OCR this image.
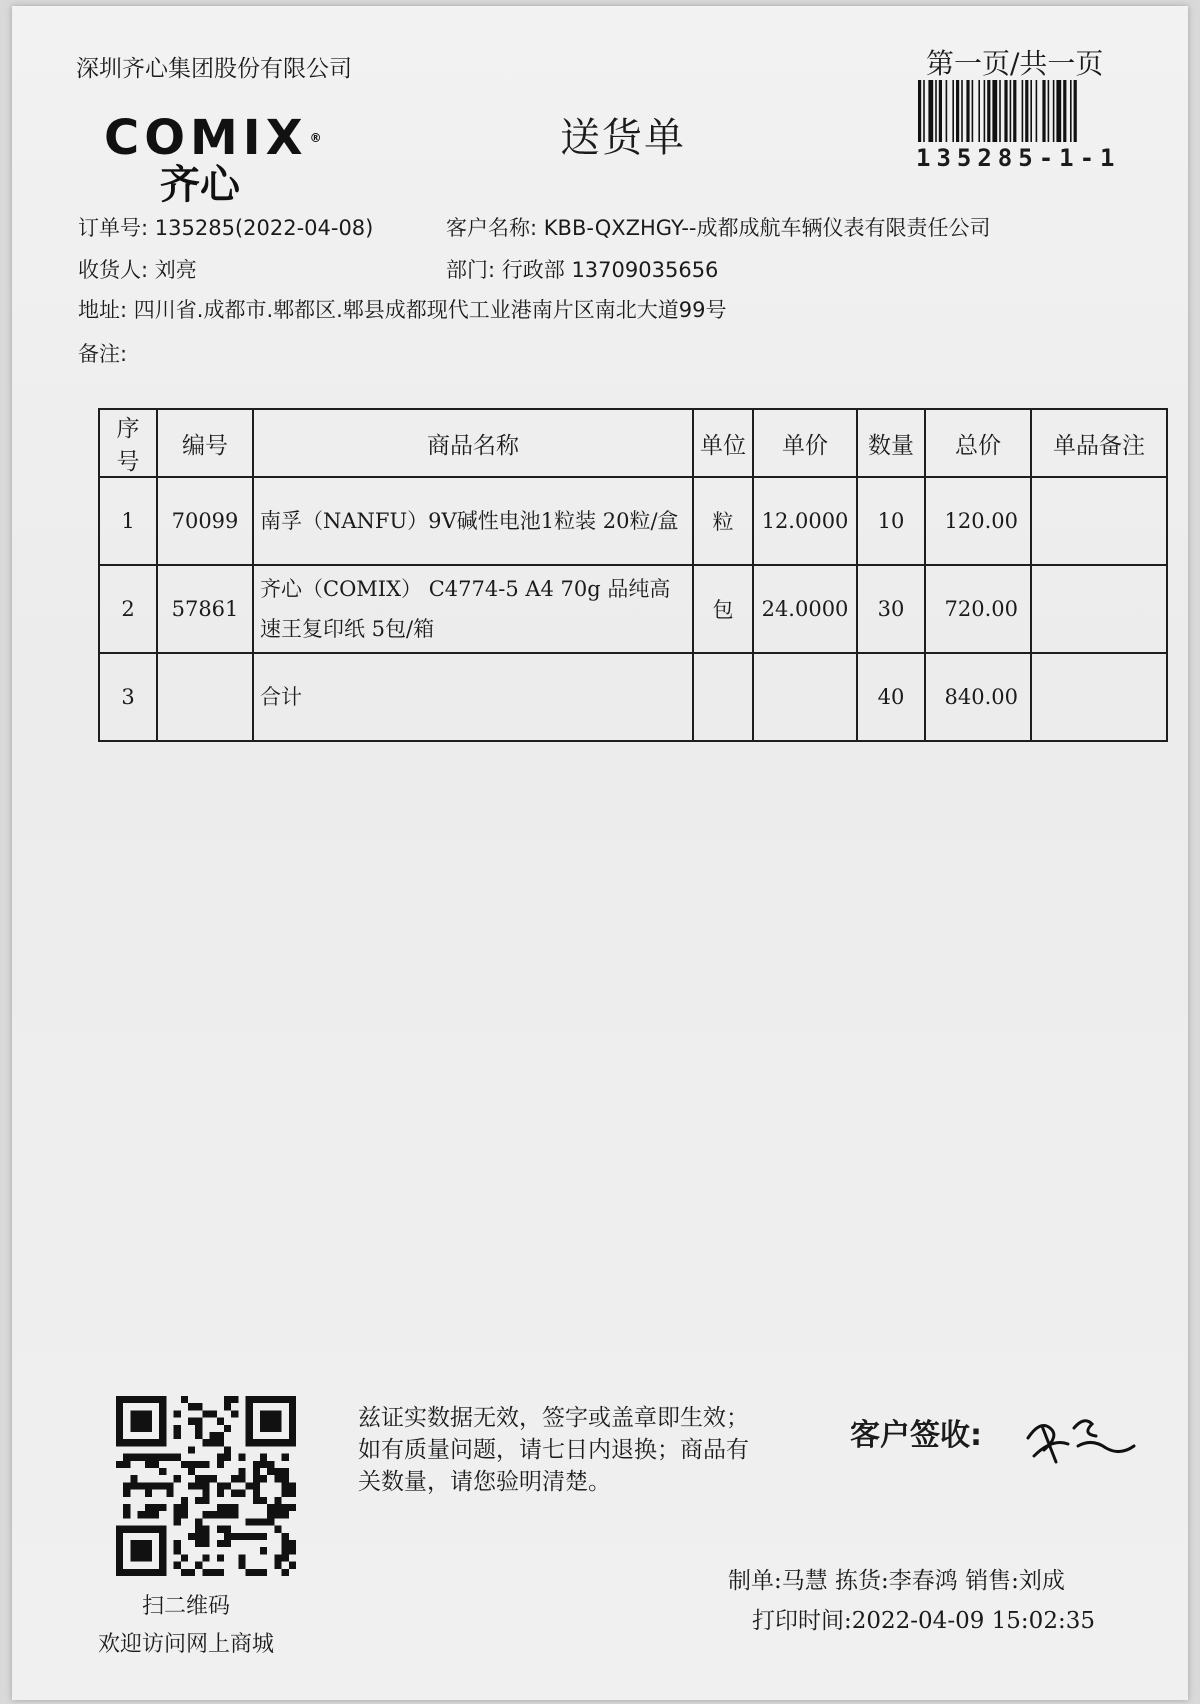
深圳齐心集团股份有限公司	第一页/共一页
COMIX ®
齐心
送货单	135285-1-1
订单号: 135285(2022-04-08)	客户名称: KBB-QXZHGY--成都成航车辆仪表有限责任公司
收货人: 刘亮	部门: 行政部 13709035656
地址: 四川省.成都市.郫都区.郫县成都现代工业港南片区南北大道99号
备注:
序号	编号	商品名称	单位	单价	数量	总价	单品备注
1	70099	南孚（NANFU）9V碱性电池1粒装 20粒/盒	粒	12.0000	10	120.00	
2	57861	齐心（COMIX） C4774-5 A4 70g 品纯高速王复印纸 5包/箱	包	24.0000	30	720.00	
3		合计			40	840.00	
扫二维码
欢迎访问网上商城
兹证实数据无效，签字或盖章即生效；如有质量问题，请七日内退换；商品有关数量，请您验明清楚。
客户签收:
制单:马慧 拣货:李春鸿 销售:刘成
打印时间:2022-04-09 15:02:35
